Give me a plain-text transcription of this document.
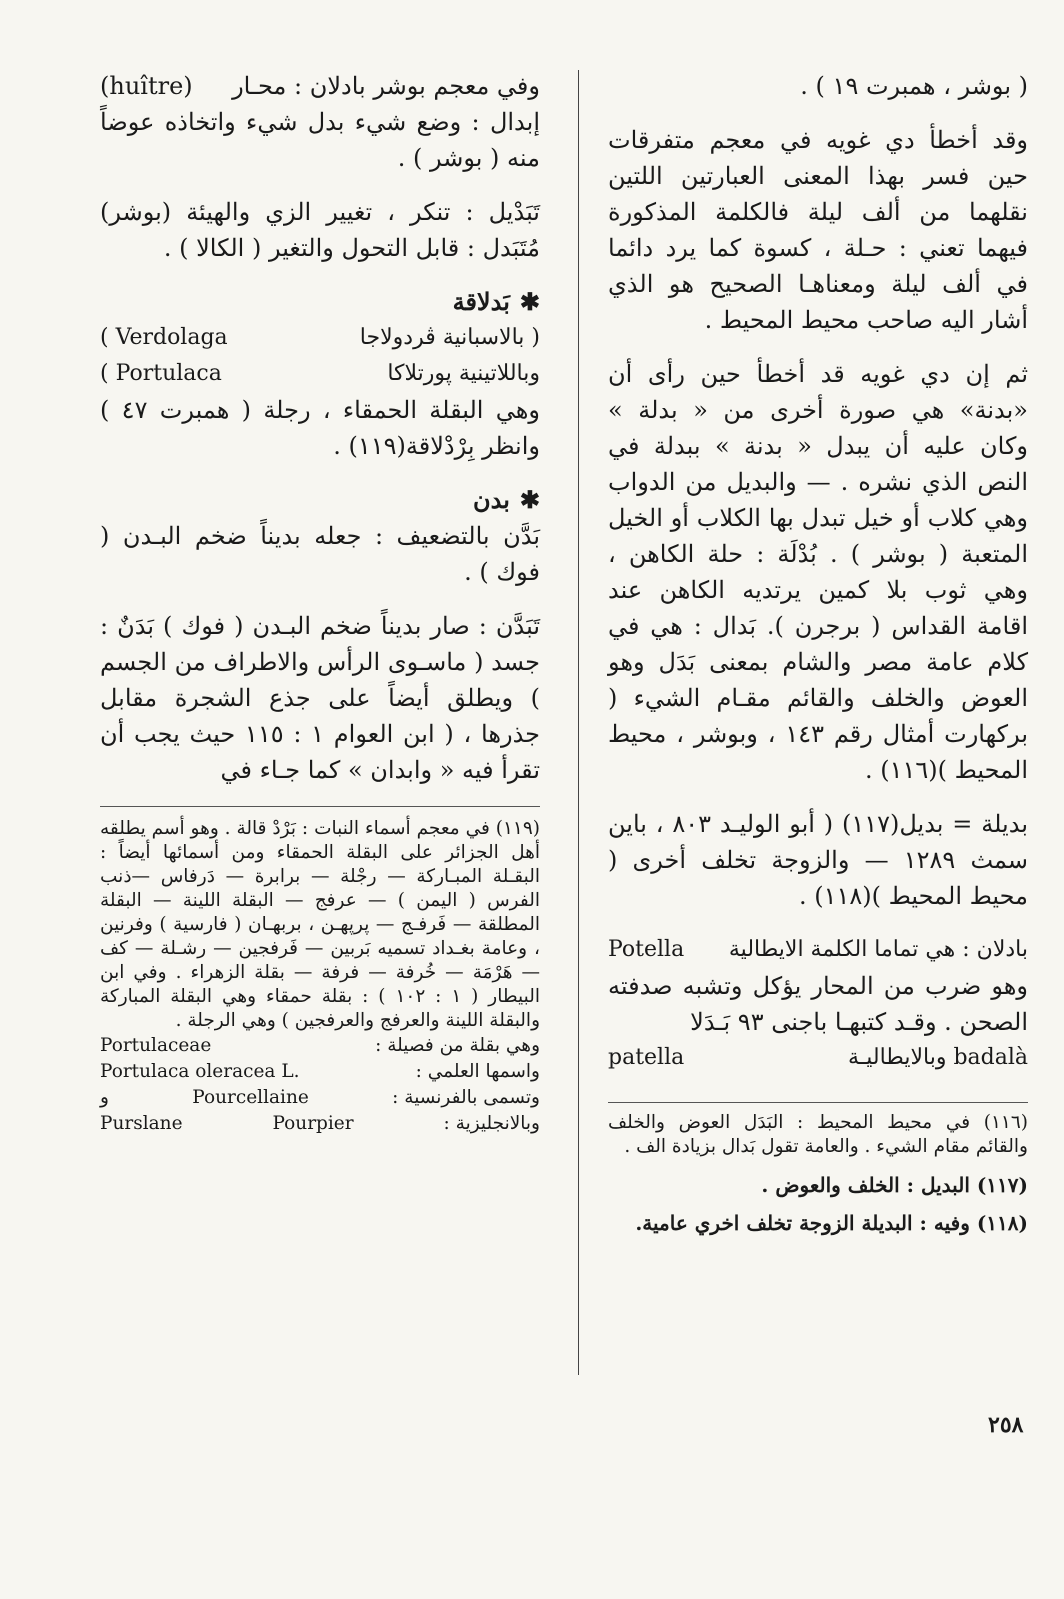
( بوشر ، همبرت ١٩ ) .

وقد أخطأ دي غويه في معجم متفرقات حين فسر بهذا المعنى العبارتين اللتين نقلهما من ألف ليلة فالكلمة المذكورة فيهما تعني : حـلة ، كسوة كما يرد دائما في ألف ليلة ومعناهـا الصحيح هو الذي أشار اليه صاحب محيط المحيط .

ثم إن دي غويه قد أخطأ حين رأى أن «بدنة» هي صورة أخرى من « بدلة » وكان عليه أن يبدل « بدنة » ببدلة في النص الذي نشره . — والبديل من الدواب وهي كلاب أو خيل تبدل بها الكلاب أو الخيل المتعبة ( بوشر ) . بُدْلَة : حلة الكاهن ، وهي ثوب بلا كمين يرتديه الكاهن عند اقامة القداس ( برجرن ). بَدال : هي في كلام عامة مصر والشام بمعنى بَدَل وهو العوض والخلف والقائم مقـام الشيء ( بركهارت أمثال رقم ١٤٣ ، وبوشر ، محيط المحيط )(١١٦) .

بديلة = بديل(١١٧) ( أبو الوليـد ٨٠٣ ، باين سمث ١٢٨٩ — والزوجة تخلف أخرى ( محيط المحيط )(١١٨) .

بادلان : هي تماما الكلمة الايطالية
Potella

وهو ضرب من المحار يؤكل وتشبه صدفته الصحن . وقـد كتبهـا باجنى ٩٣ بَـدَلا

badalà وبالايطاليـة
patella
(١١٦) في محيط المحيط : البَدَل العوض والخلف والقائم مقام الشيء . والعامة تقول بَدال بزيادة الف .
(١١٧) البديل : الخلف والعوض .
(١١٨) وفيه : البديلة الزوجة تخلف اخري عامية.
وفي معجم بوشر بادلان : محـار
(huître)

إبدال : وضع شيء بدل شيء واتخاذه عوضاً منه ( بوشر ) .

تَبَدْيل : تنكر ، تغيير الزي والهيئة (بوشر) مُتَبَدل : قابل التحول والتغير ( الكالا ) .

✱بَدلاقة
( بالاسبانية ڤردولاجا
( Verdolaga
وباللاتينية پورتلاكا
( Portulaca

وهي البقلة الحمقاء ، رجلة ( همبرت ٤٧ ) وانظر بِرْدْلاقة(١١٩) .

✱بدن

بَدَّن بالتضعيف : جعله بديناً ضخم البـدن ( فوك ) .

تَبَدَّن : صار بديناً ضخم البـدن ( فوك ) بَدَنٌ : جسد ( ماسـوى الرأس والاطراف من الجسم ) ويطلق أيضاً على جذع الشجرة مقابل جذرها ، ( ابن العوام ١ : ١١٥ حيث يجب أن تقرأ فيه « وابدان » كما جـاء في

(١١٩) في معجم أسماء النبات : بَرْدْ قالة . وهو أسم يطلقه أهل الجزائر على البقلة الحمقاء ومن أسمائها أيضاً : البقـلة المبـاركة — رجْلة — برابرة — دَرفاس —ذنب الفرس ( اليمن ) — عرفج — البقلة اللينة — البقلة المطلقة — فَرفـج — پرپهـن ، بربهـان ( فارسية ) وفرنين ، وعامة بغـداد تسميه بَربين — فَرفجين — رشـلة — كف — هَرْمَة — خُرفة — فرفة — بقلة الزهراء . وفي ابن البيطار ( ١ : ١٠٢ ) : بقلة حمقاء وهي البقلة المباركة والبقلة اللينة والعرفج والعرفجين ) وهي الرجلة .
وهي بقلة من فصيلة :
Portulaceae
واسمها العلمي :
Portulaca oleracea L.
وتسمى بالفرنسية :
Pourcellaine
و
وبالانجليزية :
Pourpier
Purslane
٢٥٨
